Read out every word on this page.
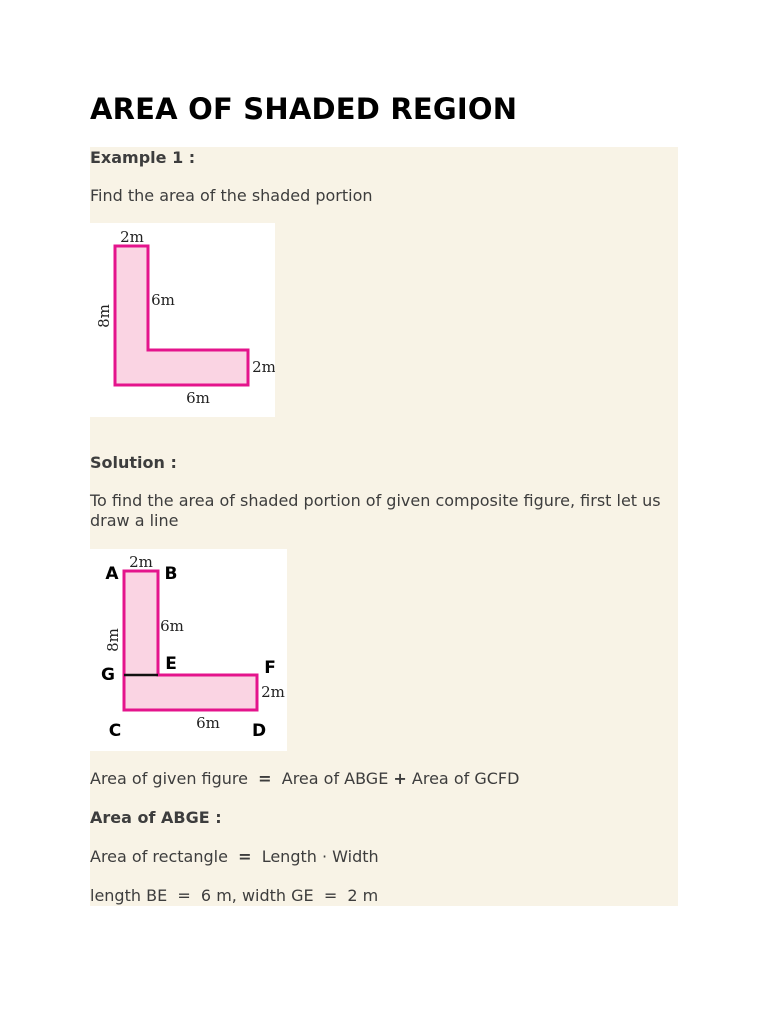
AREA OF SHADED REGION

Example 1 :

Find the area of the shaded portion

2m
6m
2m
6m
8m

Solution :

To find the area of shaded portion of given composite figure, first let us draw a line

2m
6m
2m
6m
8m
A	B
G
E	F
C	D

Area of given figure = Area of ABGE + Area of GCFD

Area of ABGE :

Area of rectangle = Length · Width

length BE  =  6 m, width GE  =  2 m
